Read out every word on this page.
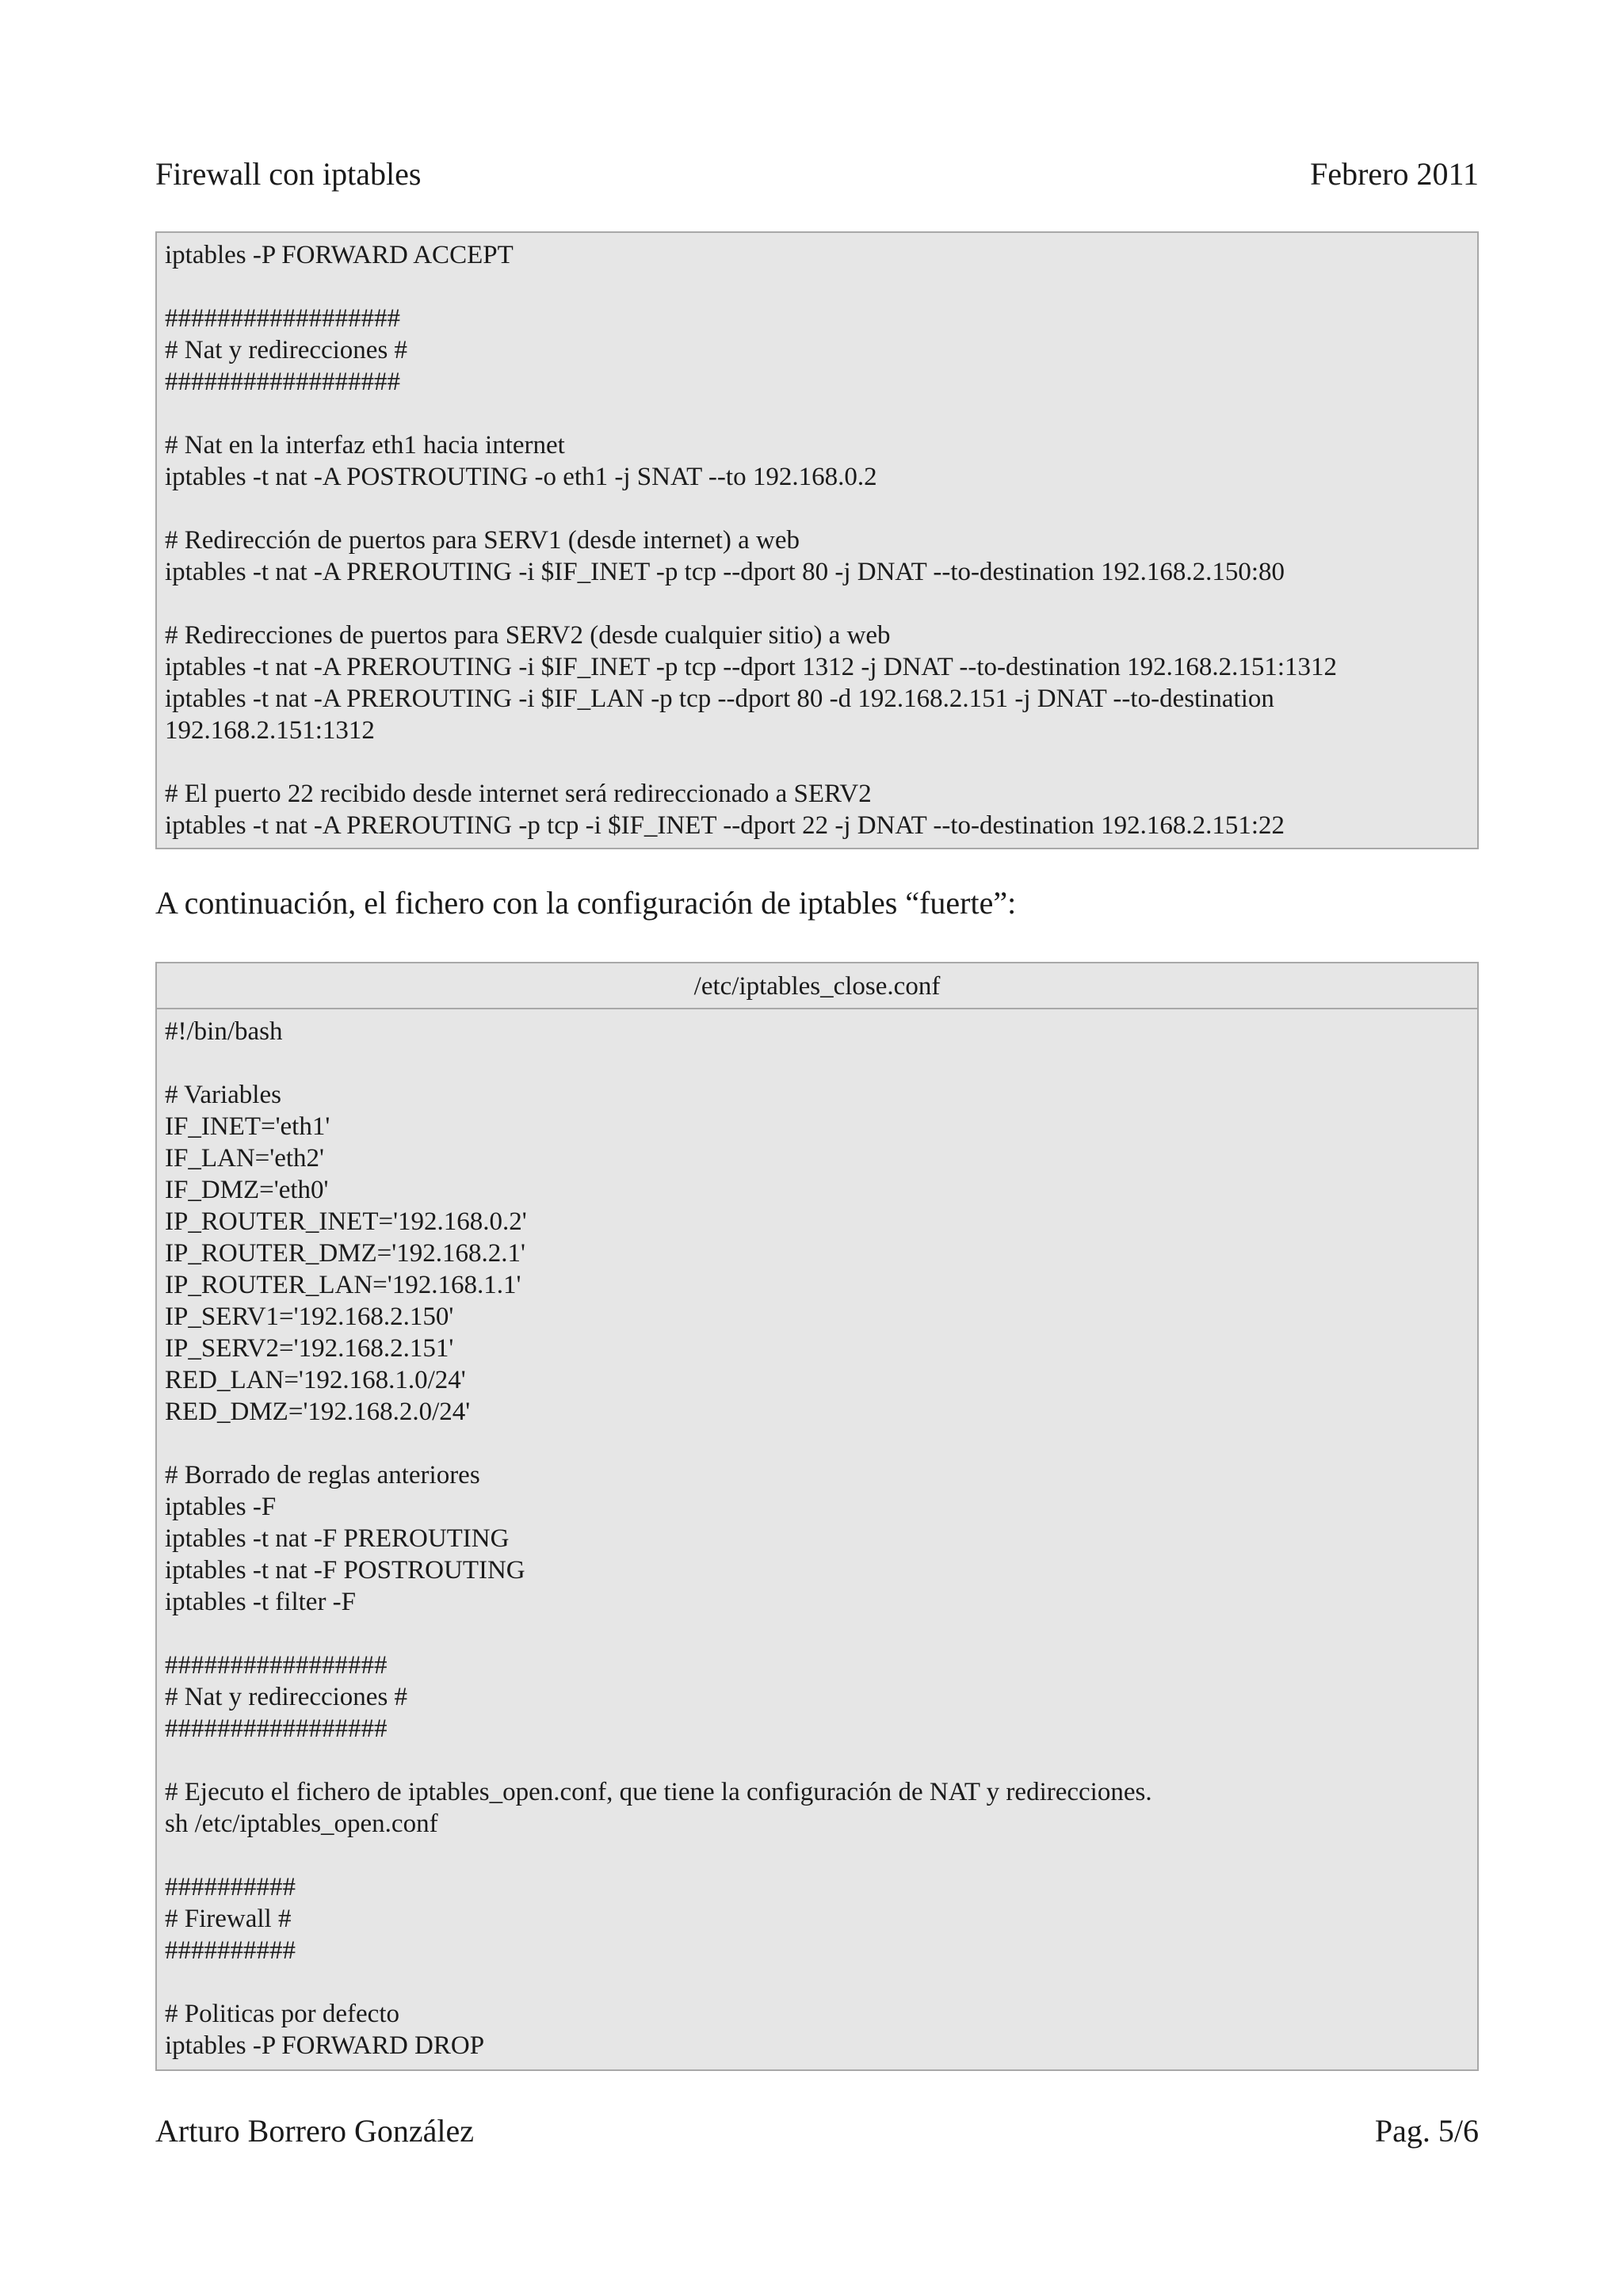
Firewall con iptables	Febrero 2011
iptables -P FORWARD ACCEPT
##################
# Nat y redirecciones #
##################
# Nat en la interfaz eth1 hacia internet
iptables -t nat -A POSTROUTING -o eth1 -j SNAT --to 192.168.0.2
# Redirección de puertos para SERV1 (desde internet) a web
iptables -t nat -A PREROUTING -i $IF_INET -p tcp --dport 80 -j DNAT --to-destination 192.168.2.150:80
# Redirecciones de puertos para SERV2 (desde cualquier sitio) a web
iptables -t nat -A PREROUTING -i $IF_INET -p tcp --dport 1312 -j DNAT --to-destination 192.168.2.151:1312
iptables -t nat -A PREROUTING -i $IF_LAN -p tcp --dport 80 -d 192.168.2.151 -j DNAT --to-destination
192.168.2.151:1312
# El puerto 22 recibido desde internet será redireccionado a SERV2
iptables -t nat -A PREROUTING -p tcp -i $IF_INET --dport 22 -j DNAT --to-destination 192.168.2.151:22
A continuación, el fichero con la configuración de iptables “fuerte”:
/etc/iptables_close.conf
#!/bin/bash
# Variables
IF_INET='eth1'
IF_LAN='eth2'
IF_DMZ='eth0'
IP_ROUTER_INET='192.168.0.2'
IP_ROUTER_DMZ='192.168.2.1'
IP_ROUTER_LAN='192.168.1.1'
IP_SERV1='192.168.2.150'
IP_SERV2='192.168.2.151'
RED_LAN='192.168.1.0/24'
RED_DMZ='192.168.2.0/24'
# Borrado de reglas anteriores
iptables -F
iptables -t nat -F PREROUTING
iptables -t nat -F POSTROUTING
iptables -t filter -F
#################
# Nat y redirecciones #
#################
# Ejecuto el fichero de iptables_open.conf, que tiene la configuración de NAT y redirecciones.
sh /etc/iptables_open.conf
##########
# Firewall #
##########
# Politicas por defecto
iptables -P FORWARD DROP
Arturo Borrero González	Pag. 5/6
